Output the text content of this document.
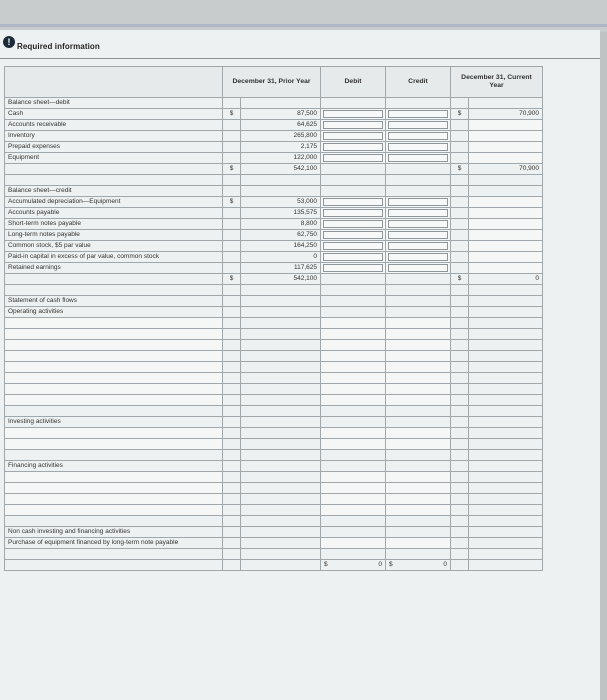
! Required information
	December 31, Prior Year		Debit	Credit	December 31, Current Year	
Balance sheet—debit						
Cash	$	87,500			$	70,900
Accounts receivable		64,625	

Inventory		265,800	

Prepaid expenses		2,175	

Equipment		122,000	

	$	542,100			$	70,900

Balance sheet—credit						
Accumulated depreciation—Equipment	$	53,000	

Accounts payable		135,575	

Short-term notes payable		8,800	

Long-term notes payable		62,750	

Common stock, $5 par value		164,250	

Paid-in capital in excess of par value, common stock		0	

Retained earnings		117,625	

	$	542,100			$	0

Statement of cash flows						
Operating activities						

Investing activities						

Financing activities						

Non cash investing and financing activities						
Purchase of equipment financed by long-term note payable						

			$ 0	$ 0		
